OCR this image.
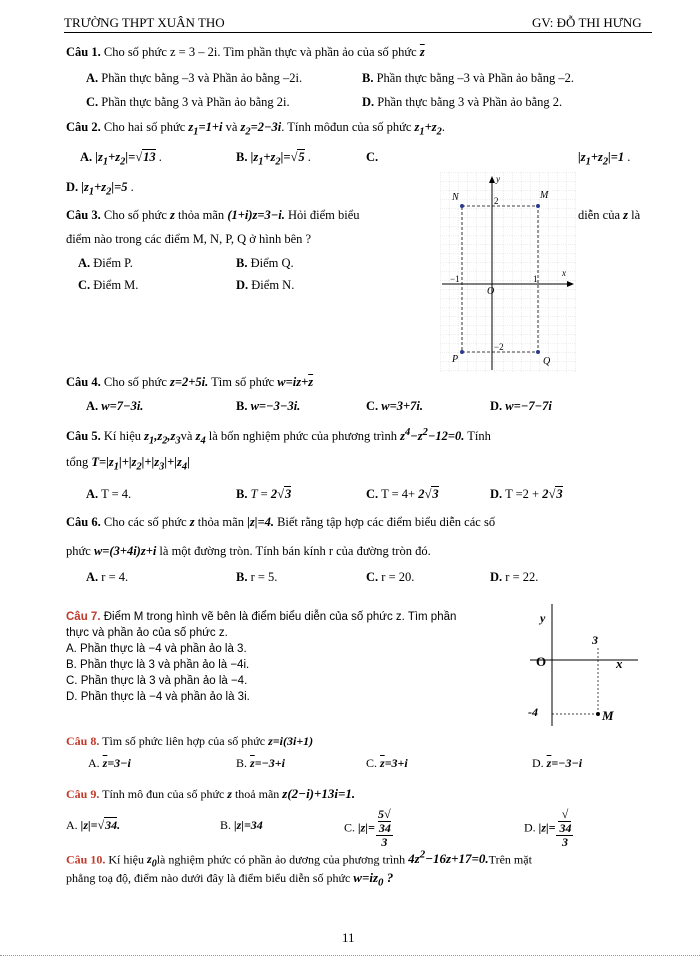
TRƯỜNG THPT XUÂN THO	GV: ĐỖ THI HƯNG
Câu 1. Cho số phức z = 3 – 2i. Tìm phần thực và phần ảo của số phức $\overline{z}$
A. Phần thực bằng –3 và Phần ảo bằng –2i.	B. Phần thực bằng –3 và Phần ảo bằng –2.
C. Phần thực bằng 3 và Phần ảo bằng 2i.	D. Phần thực bằng 3 và Phần ảo bằng 2.
Câu 2. Cho hai số phức $z_1=1+i$ và $z_2=2-3i$. Tính môđun của số phức $z_1+z_2$.
A. $|z_1+z_2|=√13$ .	B. $|z_1+z_2|=√5$ .	C.	$|z_1+z_2|=1$ .
D. $|z_1+z_2|=5$ .
Câu 3. Cho số phức z thỏa mãn (1+i)z=3−i. Hỏi điểm biểu	diễn của z là
điểm nào trong các điểm M, N, P, Q ở hình bên ?
A. Điểm P.	B. Điểm Q.
C. Điểm M.	D. Điểm N.
N	M
P	Q
O
x
y
2
−2
−1	1
Câu 4. Cho số phức z=2+5i. Tìm số phức $w=iz+\overline{z}$
A. w=7−3i.	B. w=−3−3i.	C. w=3+7i.	D. w=−7−7i
Câu 5. Kí hiệu $z_1,z_2,z_3và$ $z_4$ là bốn nghiệm phức của phương trình $z^4-z^2-12=0$. Tính
tổng $T=|z_1|+|z_2|+|z_3|+|z_4|$
A. T = 4.	B. T = 2√3	C. T = 4+ 2√3	D. T =2 + 2√3
Câu 6. Cho các số phức z thỏa mãn |z|=4. Biết rằng tập hợp các điểm biểu diễn các số
phức w=(3+4i)z+i là một đường tròn. Tính bán kính r của đường tròn đó.
A. r = 4.	B. r = 5.	C. r = 20.	D. r = 22.
Câu 7. Điểm M trong hình vẽ bên là điểm biểu diễn của số phức z. Tìm phần
thực và phần ảo của số phức z.
A. Phần thực là −4 và phần ảo là 3.
B. Phần thực là 3 và phần ảo là −4i.
C. Phần thực là 3 và phần ảo là −4.
D. Phần thực là −4 và phần ảo là 3i.
y
x
O
3
-4	M
Câu 8. Tìm số phức liên hợp của số phức z=i(3i+1)
A. $\overline{z}=3-i$	B. $\overline{z}=-3+i$	C. $\overline{z}=3+i$	D. $\overline{z}=-3-i$
Câu 9. Tính mô đun của số phức z thoả mãn z(2−i)+13i=1.
A. |z|=√34.	B. |z|=34	C. |z|= 5√
34
3	D. |z|= √
34
3
Câu 10. Kí hiệu $z_0là$ nghiệm phức có phần ảo dương của phương trình $4z^2-16z+17=0.Trên$ mặt
phẳng toạ độ, điểm nào dưới đây là điểm biểu diễn số phức $w=iz_0$ ?
11
